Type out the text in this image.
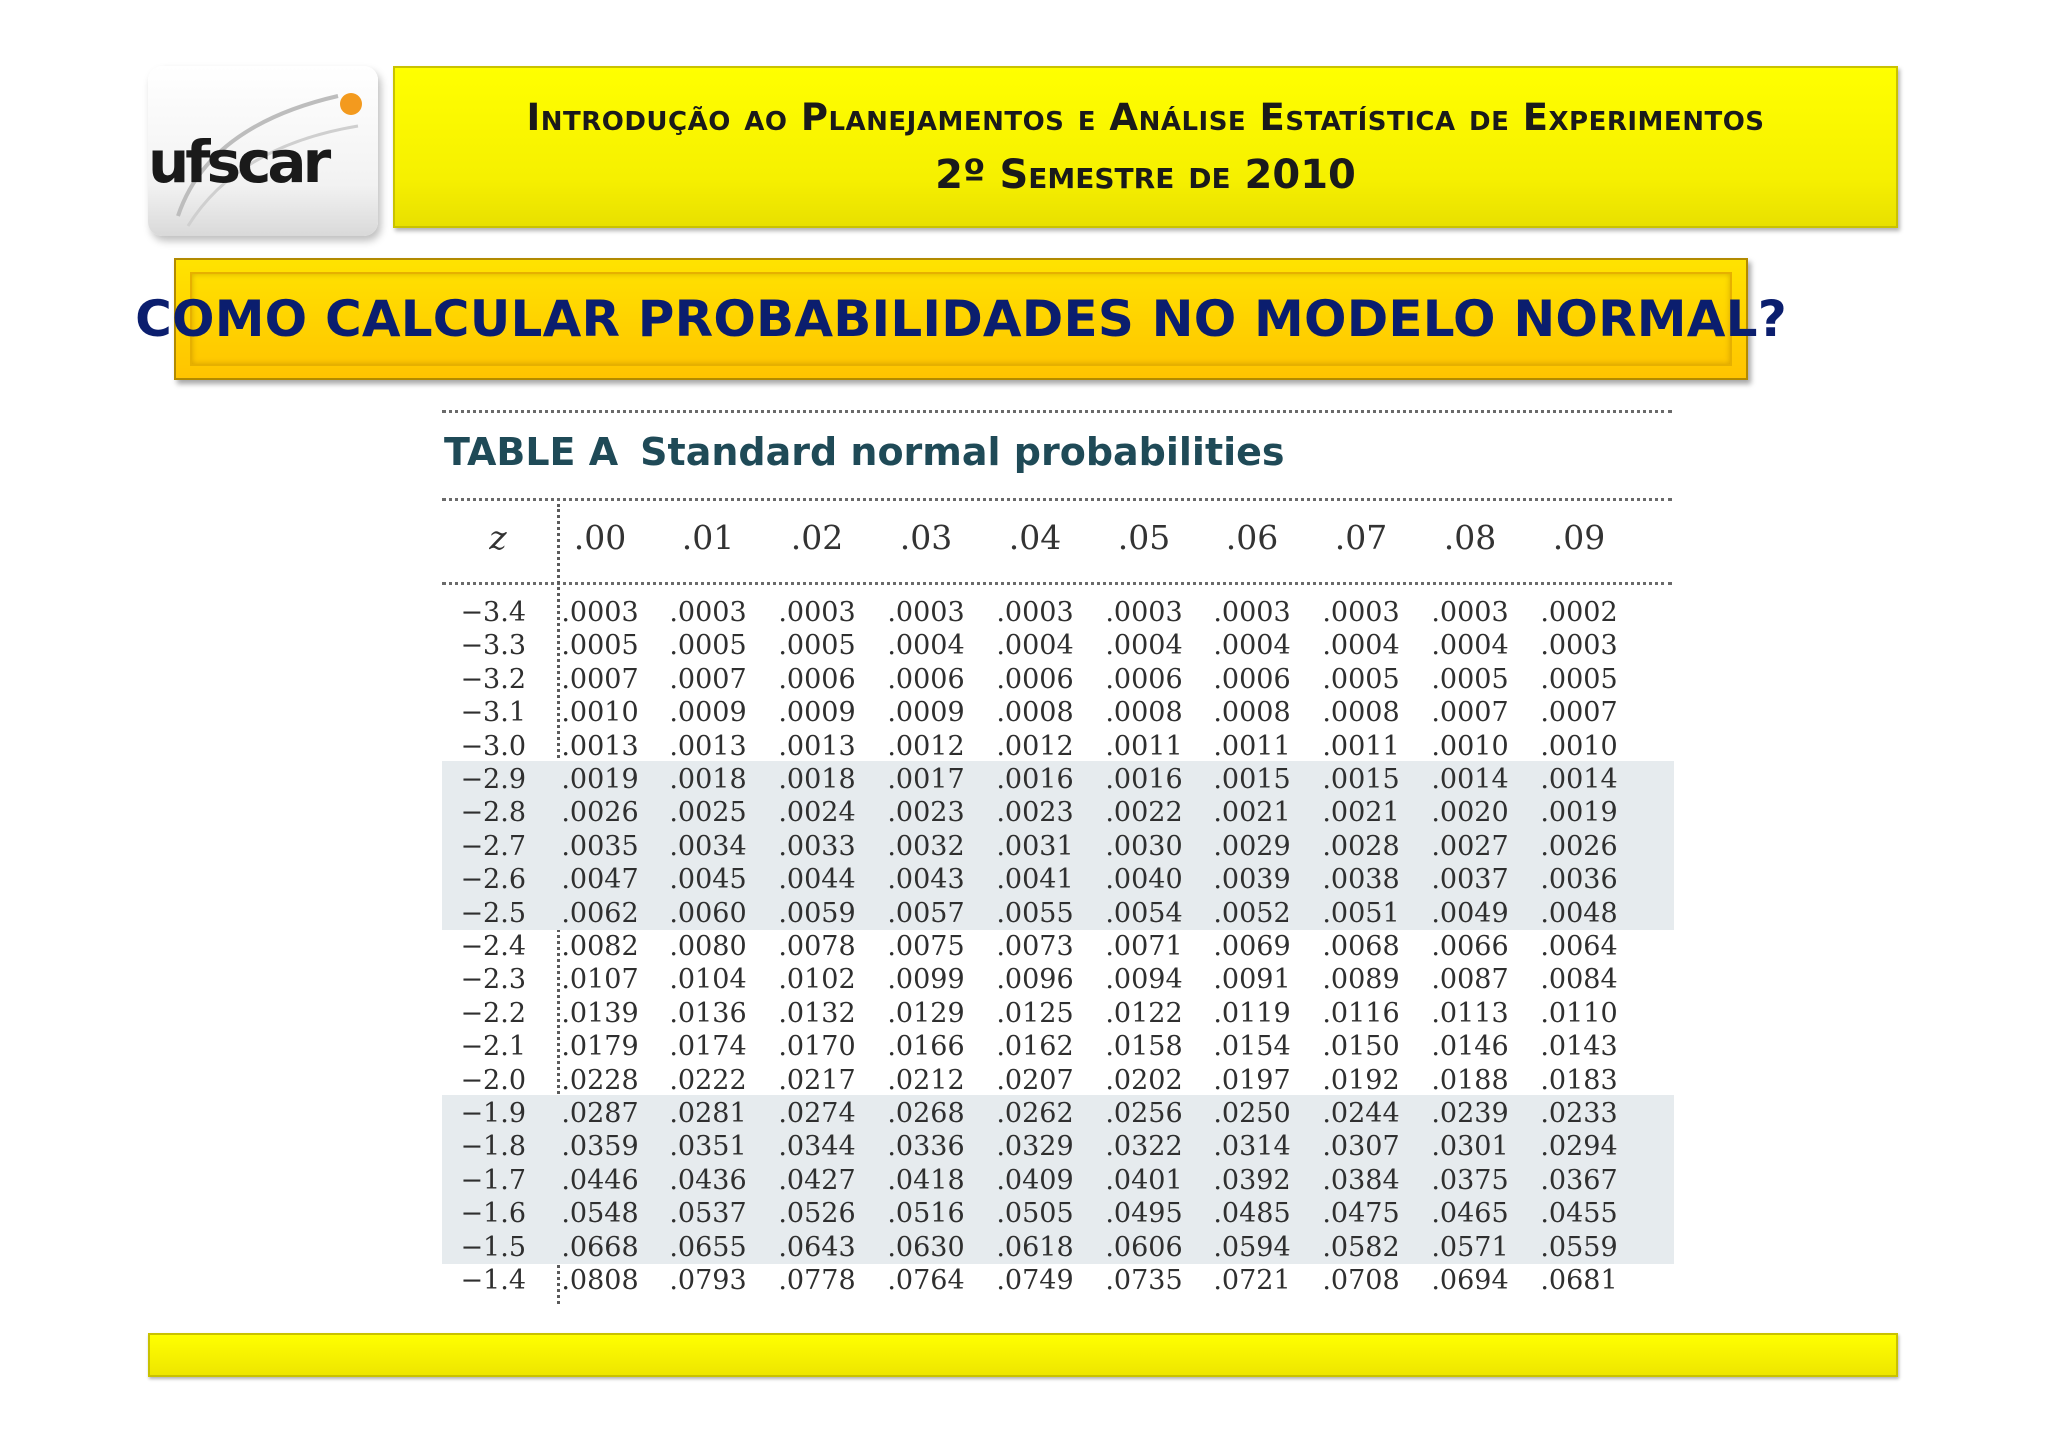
ufscar
Introdução ao Planejamentos e Análise Estatística de Experimentos
2º Semestre de 2010
COMO CALCULAR PROBABILIDADES NO MODELO NORMAL?
TABLE A Standard normal probabilities
z	.00	.01	.02	.03	.04	.05	.06	.07	.08	.09
−3.4	.0003	.0003	.0003	.0003	.0003	.0003	.0003	.0003	.0003	.0002
−3.3	.0005	.0005	.0005	.0004	.0004	.0004	.0004	.0004	.0004	.0003
−3.2	.0007	.0007	.0006	.0006	.0006	.0006	.0006	.0005	.0005	.0005
−3.1	.0010	.0009	.0009	.0009	.0008	.0008	.0008	.0008	.0007	.0007
−3.0	.0013	.0013	.0013	.0012	.0012	.0011	.0011	.0011	.0010	.0010
−2.9	.0019	.0018	.0018	.0017	.0016	.0016	.0015	.0015	.0014	.0014
−2.8	.0026	.0025	.0024	.0023	.0023	.0022	.0021	.0021	.0020	.0019
−2.7	.0035	.0034	.0033	.0032	.0031	.0030	.0029	.0028	.0027	.0026
−2.6	.0047	.0045	.0044	.0043	.0041	.0040	.0039	.0038	.0037	.0036
−2.5	.0062	.0060	.0059	.0057	.0055	.0054	.0052	.0051	.0049	.0048
−2.4	.0082	.0080	.0078	.0075	.0073	.0071	.0069	.0068	.0066	.0064
−2.3	.0107	.0104	.0102	.0099	.0096	.0094	.0091	.0089	.0087	.0084
−2.2	.0139	.0136	.0132	.0129	.0125	.0122	.0119	.0116	.0113	.0110
−2.1	.0179	.0174	.0170	.0166	.0162	.0158	.0154	.0150	.0146	.0143
−2.0	.0228	.0222	.0217	.0212	.0207	.0202	.0197	.0192	.0188	.0183
−1.9	.0287	.0281	.0274	.0268	.0262	.0256	.0250	.0244	.0239	.0233
−1.8	.0359	.0351	.0344	.0336	.0329	.0322	.0314	.0307	.0301	.0294
−1.7	.0446	.0436	.0427	.0418	.0409	.0401	.0392	.0384	.0375	.0367
−1.6	.0548	.0537	.0526	.0516	.0505	.0495	.0485	.0475	.0465	.0455
−1.5	.0668	.0655	.0643	.0630	.0618	.0606	.0594	.0582	.0571	.0559
−1.4	.0808	.0793	.0778	.0764	.0749	.0735	.0721	.0708	.0694	.0681
